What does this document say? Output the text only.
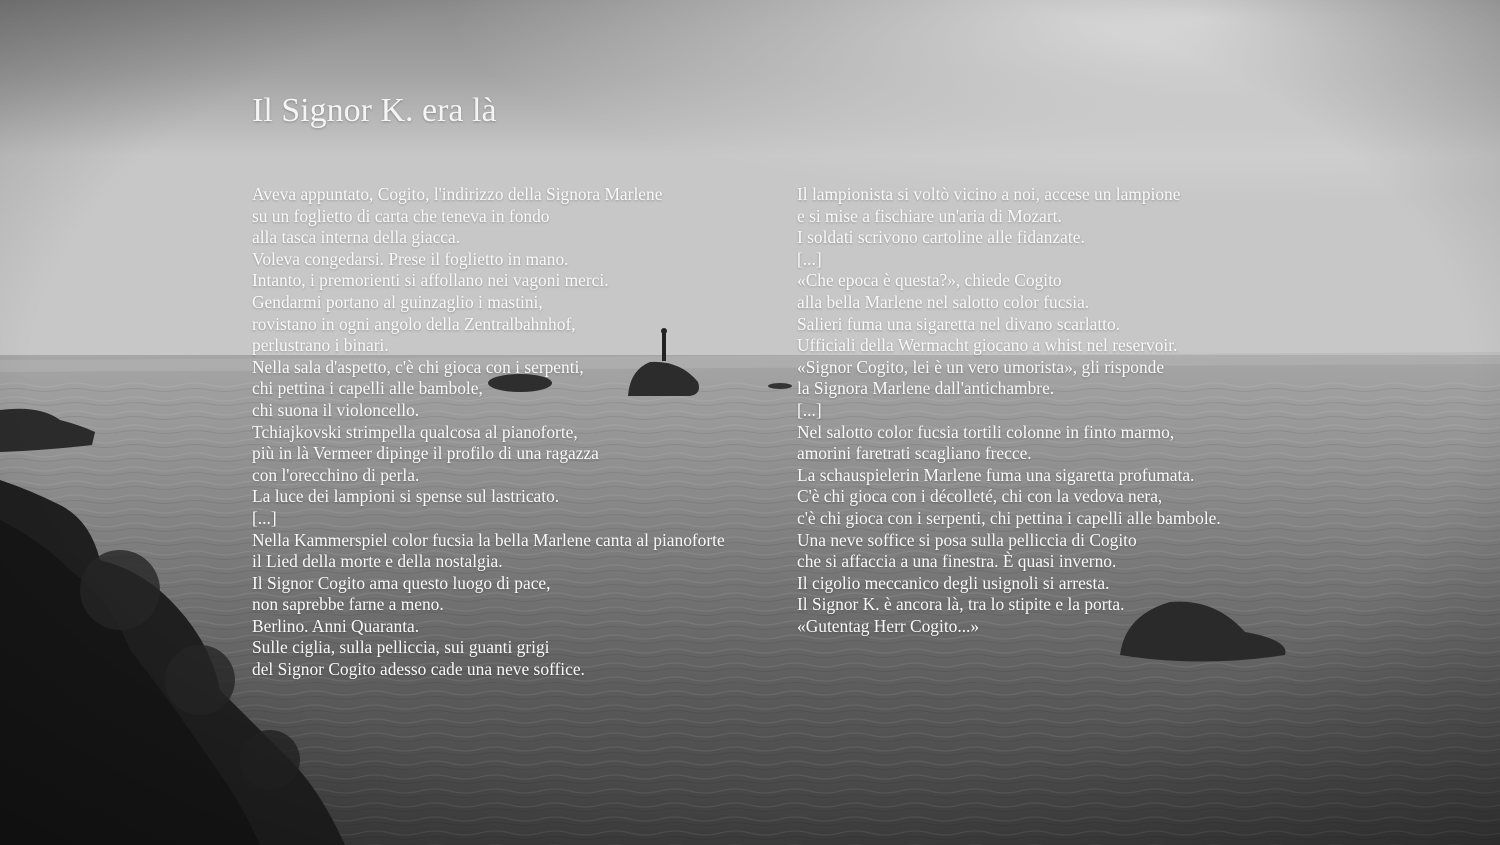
Il Signor K. era là
Aveva appuntato, Cogito, l'indirizzo della Signora Marlene
su un foglietto di carta che teneva in fondo
alla tasca interna della giacca.
Voleva congedarsi. Prese il foglietto in mano.
Intanto, i premorienti si affollano nei vagoni merci.
Gendarmi portano al guinzaglio i mastini,
rovistano in ogni angolo della Zentralbahnhof,
perlustrano i binari.
Nella sala d'aspetto, c'è chi gioca con i serpenti,
chi pettina i capelli alle bambole,
chi suona il violoncello.
Tchiajkovski strimpella qualcosa al pianoforte,
più in là Vermeer dipinge il profilo di una ragazza
con l'orecchino di perla.
La luce dei lampioni si spense sul lastricato.
[...]
Nella Kammerspiel color fucsia la bella Marlene canta al pianoforte
il Lied della morte e della nostalgia.
Il Signor Cogito ama questo luogo di pace,
non saprebbe farne a meno.
Berlino. Anni Quaranta.
Sulle ciglia, sulla pelliccia, sui guanti grigi
del Signor Cogito adesso cade una neve soffice.
Il lampionista si voltò vicino a noi, accese un lampione
e si mise a fischiare un'aria di Mozart.
I soldati scrivono cartoline alle fidanzate.
[...]
«Che epoca è questa?», chiede Cogito
alla bella Marlene nel salotto color fucsia.
Salieri fuma una sigaretta nel divano scarlatto.
Ufficiali della Wermacht giocano a whist nel reservoir.
«Signor Cogito, lei è un vero umorista», gli risponde
la Signora Marlene dall'antichambre.
[...]
Nel salotto color fucsia tortili colonne in finto marmo,
amorini faretrati scagliano frecce.
La schauspielerin Marlene fuma una sigaretta profumata.
C'è chi gioca con i décolleté, chi con la vedova nera,
c'è chi gioca con i serpenti, chi pettina i capelli alle bambole.
Una neve soffice si posa sulla pelliccia di Cogito
che si affaccia a una finestra. È quasi inverno.
Il cigolio meccanico degli usignoli si arresta.
Il Signor K. è ancora là, tra lo stipite e la porta.
«Gutentag Herr Cogito...»
